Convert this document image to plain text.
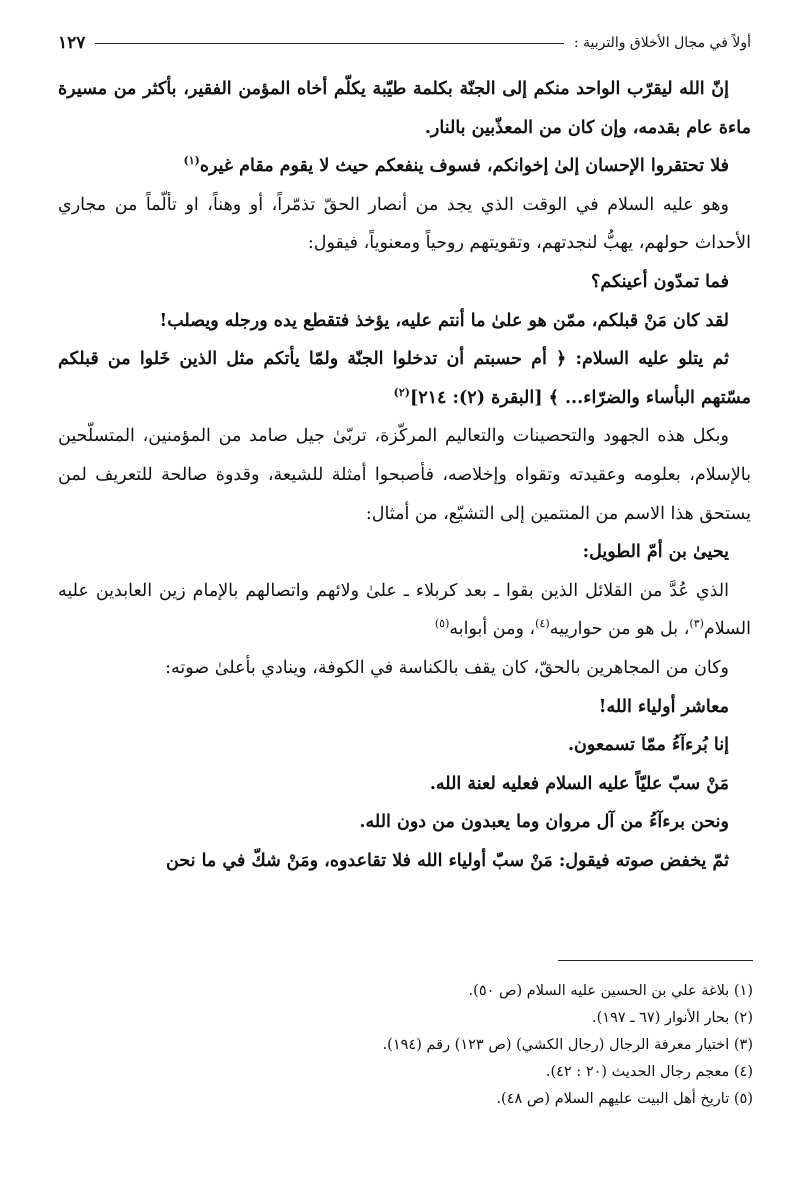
أولاً في مجال الأخلاق والتربية :
١٢٧

إنّ الله ليقرّب الواحد منكم إلى الجنّة بكلمة طيّبة يكلّم أخاه المؤمن الفقير، بأكثر من مسيرة ماءة عام بقدمه، وإن كان من المعذّبين بالنار.

فلا تحتقروا الإحسان إلىٰ إخوانكم، فسوف ينفعكم حيث لا يقوم مقام غيره$^{(١)}$

وهو عليه السلام في الوقت الذي يجد من أنصار الحقّ تذمّراً، أو وهناً، او تألّماً من مجاري الأحداث حولهم، يهبُّ لنجدتهم، وتقويتهم روحياً ومعنوياً، فيقول:

فما تمدّون أعينكم؟

لقد كان مَنْ قبلكم، ممّن هو علىٰ ما أنتم عليه، يؤخذ فتقطع يده ورجله ويصلب!

ثم يتلو عليه السلام: ﴿ أم حسبتم أن تدخلوا الجنّة ولمّا يأتكم مثل الذين خَلوا من قبلكم مسّتهم البأساء والضرّاء... ﴾ [البقرة (٢): ٢١٤]$^{(٢)}$

وبكل هذه الجهود والتحصينات والتعاليم المركّزة، تربّىٰ جيل صامد من المؤمنين، المتسلّحين بالإسلام، بعلومه وعقيدته وتقواه وإخلاصه، فأصبحوا أمثلة للشيعة، وقدوة صالحة للتعريف لمن يستحق هذا الاسم من المنتمين إلى التشيّع، من أمثال:

يحيىٰ بن أمّ الطويل:

الذي عُدَّ من القلائل الذين بقوا ـ بعد كربلاء ـ علىٰ ولائهم واتصالهم بالإمام زين العابدين عليه السلام$^{(٣)}$، بل هو من حوارييه$^{(٤)}$، ومن أبوابه$^{(٥)}$

وكان من المجاهرين بالحقّ، كان يقف بالكناسة في الكوفة، وينادي بأعلىٰ صوته:

معاشر أولياء الله!

إنا بُرءآءُ ممّا تسمعون.

مَنْ سبّ عليّاً عليه السلام فعليه لعنة الله.

ونحن برءآءُ من آل مروان وما يعبدون من دون الله.

ثمّ يخفض صوته فيقول: مَنْ سبّ أولياء الله فلا تقاعدوه، ومَنْ شكّ في ما نحن

(١) بلاغة علي بن الحسين عليه السلام (ص ٥٠).
(٢) بحار الأنوار (٦٧ ـ ١٩٧).
(٣) اختيار معرفة الرجال (رجال الكشي) (ص ١٢٣) رقم (١٩٤).
(٤) معجم رجال الحديث (٢٠ : ٤٢).
(٥) تاريخ أهل البيت عليهم السلام (ص ٤٨).
